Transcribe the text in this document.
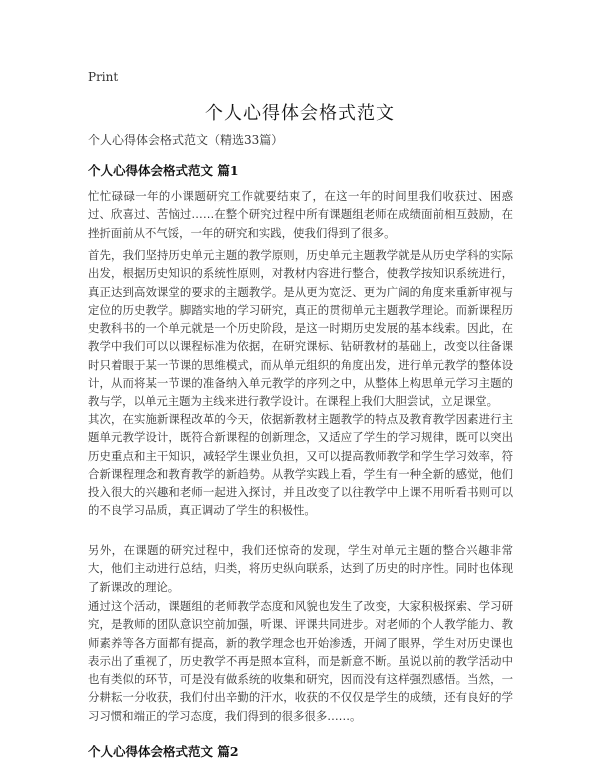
Print
个人心得体会格式范文
个人心得体会格式范文（精选33篇）
个人心得体会格式范文 篇1

忙忙碌碌一年的小课题研究工作就要结束了，在这一年的时间里我们收获过、困惑过、欣喜过、苦恼过……在整个研究过程中所有课题组老师在成绩面前相互鼓励，在挫折面前从不气馁，一年的研究和实践，使我们得到了很多。

首先，我们坚持历史单元主题的教学原则，历史单元主题教学就是从历史学科的实际出发，根据历史知识的系统性原则，对教材内容进行整合，使教学按知识系统进行，真正达到高效课堂的要求的主题教学。是从更为宽泛、更为广阔的角度来重新审视与定位的历史教学。脚踏实地的学习研究，真正的贯彻单元主题教学理论。而新课程历史教科书的一个单元就是一个历史阶段，是这一时期历史发展的基本线索。因此，在教学中我们可以以课程标准为依据，在研究课标、钻研教材的基础上，改变以往备课时只着眼于某一节课的思维模式，而从单元组织的角度出发，进行单元教学的整体设计，从而将某一节课的准备纳入单元教学的序列之中，从整体上构思单元学习主题的教与学，以单元主题为主线来进行教学设计。在课程上我们大胆尝试，立足课堂。

其次，在实施新课程改革的今天，依据新教材主题教学的特点及教育教学因素进行主题单元教学设计，既符合新课程的创新理念，又适应了学生的学习规律，既可以突出历史重点和主干知识，减轻学生课业负担，又可以提高教师教学和学生学习效率，符合新课程理念和教育教学的新趋势。从教学实践上看，学生有一种全新的感觉，他们投入很大的兴趣和老师一起进入探讨，并且改变了以往教学中上课不用听看书则可以的不良学习品质，真正调动了学生的积极性。

另外，在课题的研究过程中，我们还惊奇的发现，学生对单元主题的整合兴趣非常大，他们主动进行总结，归类，将历史纵向联系，达到了历史的时序性。同时也体现了新课改的理论。

通过这个活动，课题组的老师教学态度和风貌也发生了改变，大家积极探索、学习研究，是教师的团队意识空前加强，听课、评课共同进步。对老师的个人教学能力、教师素养等各方面都有提高，新的教学理念也开始渗透，开阔了眼界，学生对历史课也表示出了重视了，历史教学不再是照本宣科，而是新意不断。虽说以前的教学活动中也有类似的环节，可是没有做系统的收集和研究，因而没有这样强烈感悟。当然，一分耕耘一分收获，我们付出辛勤的汗水，收获的不仅仅是学生的成绩，还有良好的学习习惯和端正的学习态度，我们得到的很多很多……。

个人心得体会格式范文 篇2
